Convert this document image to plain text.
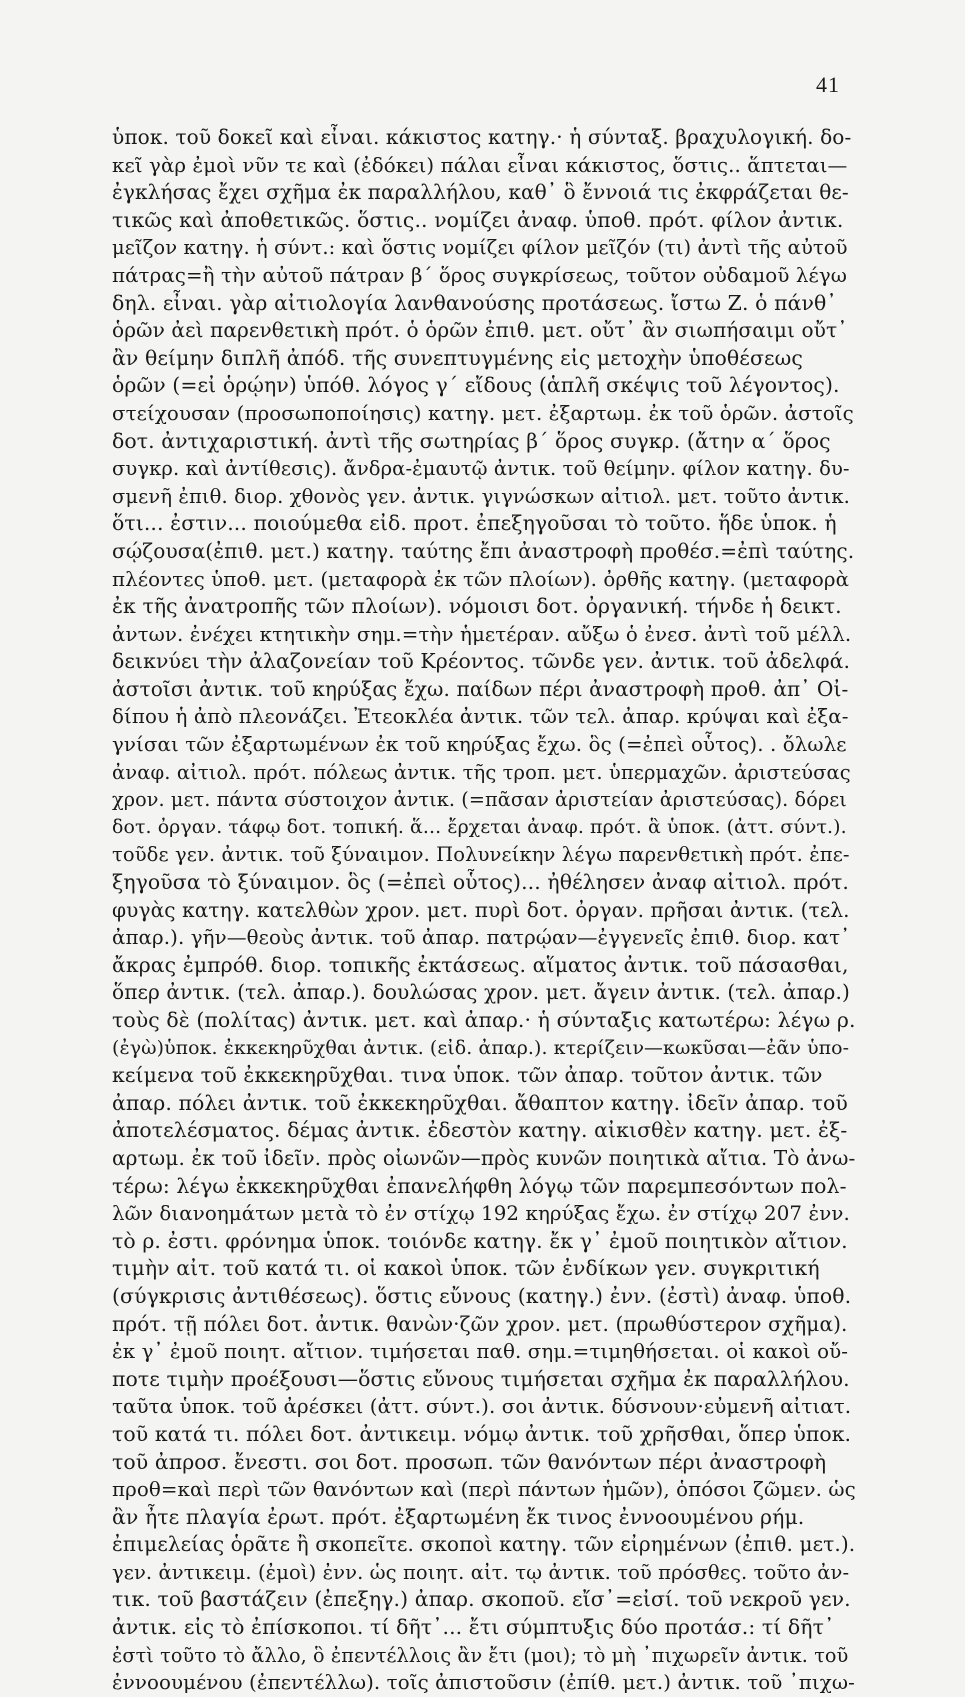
41
ὑποκ. τοῦ δοκεῖ καὶ εἶναι. κάκιστος κατηγ.· ἡ σύνταξ. βραχυλογική. δο-
κεῖ γὰρ ἐμοὶ νῦν τε καὶ (ἐδόκει) πάλαι εἶναι κάκιστος, ὅστις.. ἅπτεται—
ἐγκλήσας ἔχει σχῆμα ἐκ παραλλήλου, καθ᾽ ὃ ἔννοιά τις ἐκφράζεται θε-
τικῶς καὶ ἀποθετικῶς. ὅστις.. νομίζει ἀναφ. ὑποθ. πρότ. φίλον ἀντικ.
μεῖζον κατηγ. ἡ σύντ.: καὶ ὅστις νομίζει φίλον μεῖζόν (τι) ἀντὶ τῆς αὐτοῦ
πάτρας=ἢ τὴν αὐτοῦ πάτραν β´ ὅρος συγκρίσεως, τοῦτον οὐδαμοῦ λέγω
δηλ. εἶναι. γὰρ αἰτιολογία λανθανούσης προτάσεως. ἴστω Ζ. ὁ πάνθ᾽
ὁρῶν ἀεὶ παρενθετικὴ πρότ. ὁ ὁρῶν ἐπιθ. μετ. οὔτ᾽ ἂν σιωπήσαιμι οὔτ᾽
ἂν θείμην διπλῆ ἀπόδ. τῆς συνεπτυγμένης εἰς μετοχὴν ὑποθέσεως
ὁρῶν (=εἰ ὁρῴην) ὑπόθ. λόγος γ´ εἴδους (ἁπλῆ σκέψις τοῦ λέγοντος).
στείχουσαν (προσωποποίησις) κατηγ. μετ. ἐξαρτωμ. ἐκ τοῦ ὁρῶν. ἀστοῖς
δοτ. ἀντιχαριστική. ἀντὶ τῆς σωτηρίας β´ ὅρος συγκρ. (ἄτην α´ ὅρος
συγκρ. καὶ ἀντίθεσις). ἄνδρα-ἐμαυτῷ ἀντικ. τοῦ θείμην. φίλον κατηγ. δυ-
σμενῆ ἐπιθ. διορ. χθονὸς γεν. ἀντικ. γιγνώσκων αἰτιολ. μετ. τοῦτο ἀντικ.
ὅτι... ἐστιν... ποιούμεθα εἰδ. προτ. ἐπεξηγοῦσαι τὸ τοῦτο. ἥδε ὑποκ. ἡ
σῴζουσα(ἐπιθ. μετ.) κατηγ. ταύτης ἔπι ἀναστροφὴ προθέσ.=ἐπὶ ταύτης.
πλέοντες ὑποθ. μετ. (μεταφορὰ ἐκ τῶν πλοίων). ὀρθῆς κατηγ. (μεταφορὰ
ἐκ τῆς ἀνατροπῆς τῶν πλοίων). νόμοισι δοτ. ὀργανική. τήνδε ἡ δεικτ.
ἀντων. ἐνέχει κτητικὴν σημ.=τὴν ἡμετέραν. αὔξω ὁ ἐνεσ. ἀντὶ τοῦ μέλλ.
δεικνύει τὴν ἀλαζονείαν τοῦ Κρέοντος. τῶνδε γεν. ἀντικ. τοῦ ἀδελφά.
ἀστοῖσι ἀντικ. τοῦ κηρύξας ἔχω. παίδων πέρι ἀναστροφὴ προθ. ἀπ᾽ Οἰ-
δίπου ἡ ἀπὸ πλεονάζει. Ἐτεοκλέα ἀντικ. τῶν τελ. ἀπαρ. κρύψαι καὶ ἐξα-
γνίσαι τῶν ἐξαρτωμένων ἐκ τοῦ κηρύξας ἔχω. ὃς (=ἐπεὶ οὗτος). . ὄλωλε
ἀναφ. αἰτιολ. πρότ. πόλεως ἀντικ. τῆς τροπ. μετ. ὑπερμαχῶν. ἀριστεύσας
χρον. μετ. πάντα σύστοιχον ἀντικ. (=πᾶσαν ἀριστείαν ἀριστεύσας). δόρει
δοτ. ὀργαν. τάφῳ δοτ. τοπική. ἅ... ἔρχεται ἀναφ. πρότ. ἃ ὑποκ. (ἀττ. σύντ.).
τοῦδε γεν. ἀντικ. τοῦ ξύναιμον. Πολυνείκην λέγω παρενθετικὴ πρότ. ἐπε-
ξηγοῦσα τὸ ξύναιμον. ὃς (=ἐπεὶ οὗτος)... ἠθέλησεν ἀναφ αἰτιολ. πρότ.
φυγὰς κατηγ. κατελθὼν χρον. μετ. πυρὶ δοτ. ὀργαν. πρῆσαι ἀντικ. (τελ.
ἀπαρ.). γῆν—θεοὺς ἀντικ. τοῦ ἀπαρ. πατρῴαν—ἐγγενεῖς ἐπιθ. διορ. κατ᾽
ἄκρας ἐμπρόθ. διορ. τοπικῆς ἐκτάσεως. αἵματος ἀντικ. τοῦ πάσασθαι,
ὅπερ ἀντικ. (τελ. ἀπαρ.). δουλώσας χρον. μετ. ἄγειν ἀντικ. (τελ. ἀπαρ.)
τοὺς δὲ (πολίτας) ἀντικ. μετ. καὶ ἀπαρ.· ἡ σύνταξις κατωτέρω: λέγω ρ.
(ἐγὼ)ὑποκ. ἐκκεκηρῦχθαι ἀντικ. (εἰδ. ἀπαρ.). κτερίζειν—κωκῦσαι—ἐᾶν ὑπο-
κείμενα τοῦ ἐκκεκηρῦχθαι. τινα ὑποκ. τῶν ἀπαρ. τοῦτον ἀντικ. τῶν
ἀπαρ. πόλει ἀντικ. τοῦ ἐκκεκηρῦχθαι. ἄθαπτον κατηγ. ἰδεῖν ἀπαρ. τοῦ
ἀποτελέσματος. δέμας ἀντικ. ἐδεστὸν κατηγ. αἰκισθὲν κατηγ. μετ. ἐξ-
αρτωμ. ἐκ τοῦ ἰδεῖν. πρὸς οἰωνῶν—πρὸς κυνῶν ποιητικὰ αἴτια. Τὸ ἀνω-
τέρω: λέγω ἐκκεκηρῦχθαι ἐπανελήφθη λόγῳ τῶν παρεμπεσόντων πολ-
λῶν διανοημάτων μετὰ τὸ ἐν στίχῳ 192 κηρύξας ἔχω. ἐν στίχῳ 207 ἐνν.
τὸ ρ. ἐστι. φρόνημα ὑποκ. τοιόνδε κατηγ. ἔκ γ᾽ ἐμοῦ ποιητικὸν αἴτιον.
τιμὴν αἰτ. τοῦ κατά τι. οἱ κακοὶ ὑποκ. τῶν ἐνδίκων γεν. συγκριτική
(σύγκρισις ἀντιθέσεως). ὅστις εὔνους (κατηγ.) ἐνν. (ἐστὶ) ἀναφ. ὑποθ.
πρότ. τῇ πόλει δοτ. ἀντικ. θανὼν·ζῶν χρον. μετ. (πρωθύστερον σχῆμα).
ἐκ γ᾽ ἐμοῦ ποιητ. αἴτιον. τιμήσεται παθ. σημ.=τιμηθήσεται. οἱ κακοὶ οὔ-
ποτε τιμὴν προέξουσι—ὅστις εὔνους τιμήσεται σχῆμα ἐκ παραλλήλου.
ταῦτα ὑποκ. τοῦ ἀρέσκει (ἀττ. σύντ.). σοι ἀντικ. δύσνουν·εὐμενῆ αἰτιατ.
τοῦ κατά τι. πόλει δοτ. ἀντικειμ. νόμῳ ἀντικ. τοῦ χρῆσθαι, ὅπερ ὑποκ.
τοῦ ἀπροσ. ἔνεστι. σοι δοτ. προσωπ. τῶν θανόντων πέρι ἀναστροφὴ
προθ=καὶ περὶ τῶν θανόντων καὶ (περὶ πάντων ἡμῶν), ὁπόσοι ζῶμεν. ὡς
ἂν ἦτε πλαγία ἐρωτ. πρότ. ἐξαρτωμένη ἔκ τινος ἐννοουμένου ρήμ.
ἐπιμελείας ὁρᾶτε ἢ σκοπεῖτε. σκοποὶ κατηγ. τῶν εἰρημένων (ἐπιθ. μετ.).
γεν. ἀντικειμ. (ἐμοὶ) ἐνν. ὡς ποιητ. αἰτ. τῳ ἀντικ. τοῦ πρόσθες. τοῦτο ἀν-
τικ. τοῦ βαστάζειν (ἐπεξηγ.) ἀπαρ. σκοποῦ. εἴσ᾽=εἰσί. τοῦ νεκροῦ γεν.
ἀντικ. εἰς τὸ ἐπίσκοποι. τί δῆτ᾽... ἔτι σύμπτυξις δύο προτάσ.: τί δῆτ᾽
ἐστὶ τοῦτο τὸ ἄλλο, ὃ ἐπεντέλλοις ἂν ἔτι (μοι); τὸ μὴ ᾽πιχωρεῖν ἀντικ. τοῦ
ἐννοουμένου (ἐπεντέλλω). τοῖς ἀπιστοῦσιν (ἐπίθ. μετ.) ἀντικ. τοῦ ᾽πιχω-
